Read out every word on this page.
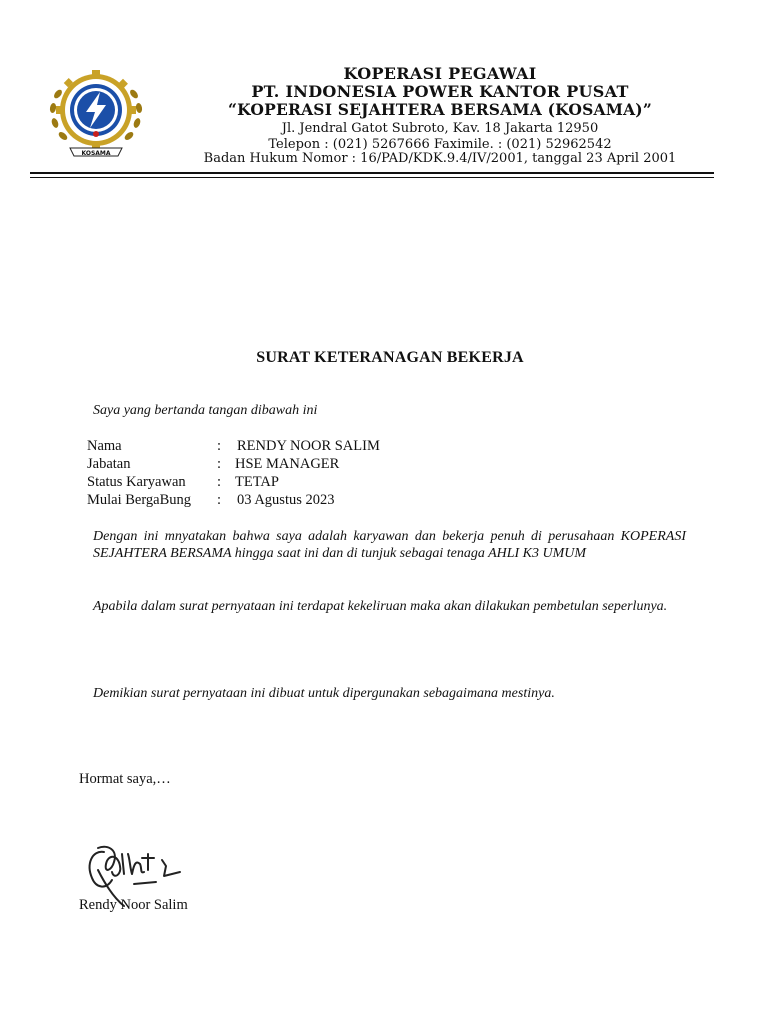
KOSAMA
KOPERASI PEGAWAI
PT. INDONESIA POWER KANTOR PUSAT
“KOPERASI SEJAHTERA BERSAMA (KOSAMA)”
Jl. Jendral Gatot Subroto, Kav. 18 Jakarta 12950
Telepon : (021) 5267666 Faximile. : (021) 52962542
Badan Hukum Nomor : 16/PAD/KDK.9.4/IV/2001, tanggal 23 April 2001
SURAT KETERANAGAN BEKERJA
Saya yang bertanda tangan dibawah ini
Nama	: RENDY NOOR SALIM
Jabatan	: HSE MANAGER
Status Karyawan : TETAP
Mulai BergaBung : 03 Agustus 2023
Dengan ini mnyatakan bahwa saya adalah karyawan dan bekerja penuh di perusahaan KOPERASI SEJAHTERA BERSAMA hingga saat ini dan di tunjuk sebagai tenaga AHLI K3 UMUM
Apabila dalam surat pernyataan ini terdapat kekeliruan maka akan dilakukan pembetulan seperlunya.
Demikian surat pernyataan ini dibuat untuk dipergunakan sebagaimana mestinya.
Hormat saya,…
Rendy Noor Salim
